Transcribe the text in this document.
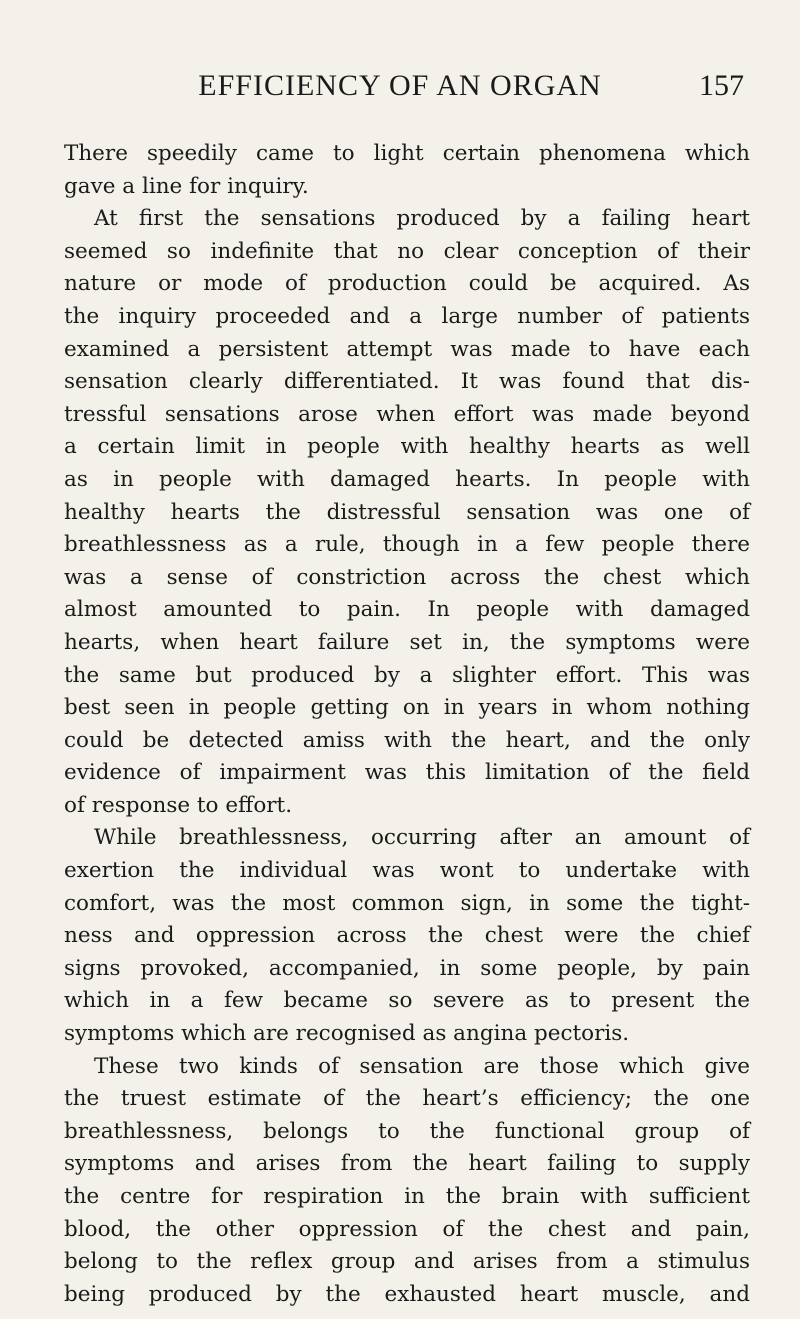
EFFICIENCY OF AN ORGAN	157
There speedily came to light certain phenomena which
gave a line for inquiry.
At first the sensations produced by a failing heart
seemed so indefinite that no clear conception of their
nature or mode of production could be acquired. As
the inquiry proceeded and a large number of patients
examined a persistent attempt was made to have each
sensation clearly differentiated. It was found that dis-
tressful sensations arose when effort was made beyond
a certain limit in people with healthy hearts as well
as in people with damaged hearts. In people with
healthy hearts the distressful sensation was one of
breathlessness as a rule, though in a few people there
was a sense of constriction across the chest which
almost amounted to pain. In people with damaged
hearts, when heart failure set in, the symptoms were
the same but produced by a slighter effort. This was
best seen in people getting on in years in whom nothing
could be detected amiss with the heart, and the only
evidence of impairment was this limitation of the field
of response to effort.
While breathlessness, occurring after an amount of
exertion the individual was wont to undertake with
comfort, was the most common sign, in some the tight-
ness and oppression across the chest were the chief
signs provoked, accompanied, in some people, by pain
which in a few became so severe as to present the
symptoms which are recognised as angina pectoris.
These two kinds of sensation are those which give
the truest estimate of the heart’s efficiency; the one
breathlessness, belongs to the functional group of
symptoms and arises from the heart failing to supply
the centre for respiration in the brain with sufficient
blood, the other oppression of the chest and pain,
belong to the reflex group and arises from a stimulus
being produced by the exhausted heart muscle, and
